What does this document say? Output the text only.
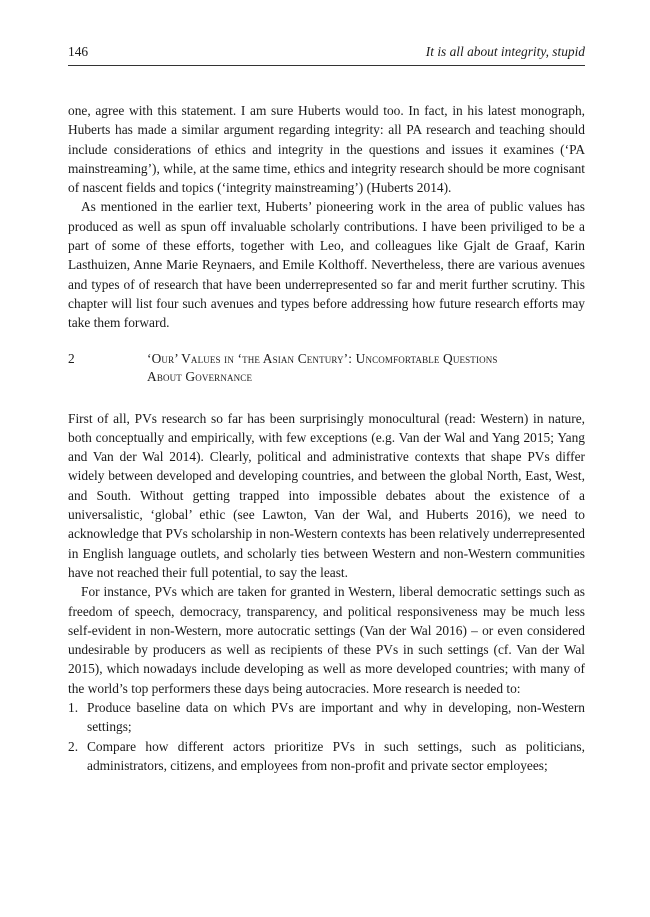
146	It is all about integrity, stupid

one, agree with this statement. I am sure Huberts would too. In fact, in his latest monograph, Huberts has made a similar argument regarding integrity: all PA research and teaching should include considerations of ethics and integrity in the questions and issues it examines (‘PA mainstreaming’), while, at the same time, ethics and integrity research should be more cognisant of nascent fields and topics (‘integrity mainstreaming’) (Huberts 2014).

As mentioned in the earlier text, Huberts’ pioneering work in the area of public values has produced as well as spun off invaluable scholarly contributions. I have been priviliged to be a part of some of these efforts, together with Leo, and colleagues like Gjalt de Graaf, Karin Lasthuizen, Anne Marie Reynaers, and Emile Kolthoff. Nevertheless, there are various avenues and types of of research that have been underrepresented so far and merit further scrutiny. This chapter will list four such avenues and types before addressing how future research efforts may take them forward.

2	‘Our’ Values in ‘the Asian Century’: Uncomfortable Questions
About Governance

First of all, PVs research so far has been surprisingly monocultural (read: Western) in nature, both conceptually and empirically, with few exceptions (e.g. Van der Wal and Yang 2015; Yang and Van der Wal 2014). Clearly, political and administrative contexts that shape PVs differ widely between developed and developing countries, and between the global North, East, West, and South. Without getting trapped into impossible debates about the existence of a universalistic, ‘global’ ethic (see Lawton, Van der Wal, and Huberts 2016), we need to acknowledge that PVs scholarship in non-Western contexts has been relatively underrepresented in English language outlets, and scholarly ties between Western and non-Western communities have not reached their full potential, to say the least.

For instance, PVs which are taken for granted in Western, liberal democratic settings such as freedom of speech, democracy, transparency, and political responsiveness may be much less self-evident in non-Western, more autocratic settings (Van der Wal 2016) – or even considered undesirable by producers as well as recipients of these PVs in such settings (cf. Van der Wal 2015), which nowadays include developing as well as more developed countries; with many of the world’s top performers these days being autocracies. More research is needed to:

1. Produce baseline data on which PVs are important and why in developing, non-Western settings;
2. Compare how different actors prioritize PVs in such settings, such as politicians, administrators, citizens, and employees from non-profit and private sector employees;
